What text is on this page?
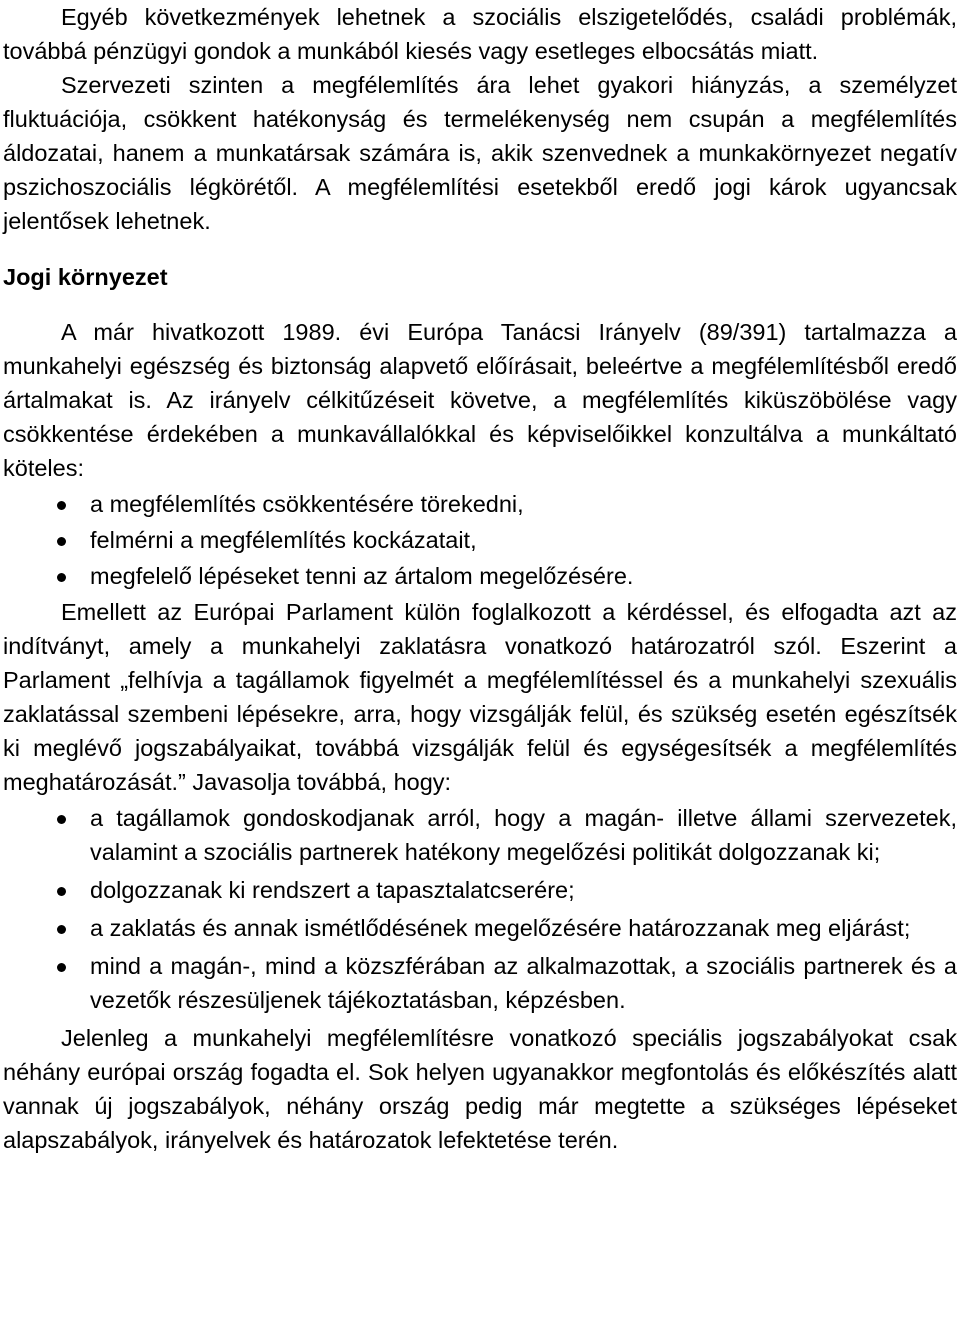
Egyéb következmények lehetnek a szociális elszigetelődés, családi problémák, továbbá pénzügyi gondok a munkából kiesés vagy esetleges elbocsátás miatt.

Szervezeti szinten a megfélemlítés ára lehet gyakori hiányzás, a személyzet fluktuációja, csökkent hatékonyság és termelékenység nem csupán a megfélemlítés áldozatai, hanem a munkatársak számára is, akik szenvednek a munkakörnyezet negatív pszichoszociális légkörétől. A megfélemlítési esetekből eredő jogi károk ugyancsak jelentősek lehetnek.

Jogi környezet

A már hivatkozott 1989. évi Európa Tanácsi Irányelv (89/391) tartalmazza a munkahelyi egészség és biztonság alapvető előírásait, beleértve a megfélemlítésből eredő ártalmakat is. Az irányelv célkitűzéseit követve, a megfélemlítés kiküszöbölése vagy csökkentése érdekében a munkavállalókkal és képviselőikkel konzultálva a munkáltató köteles:

a megfélemlítés csökkentésére törekedni,
felmérni a megfélemlítés kockázatait,
megfelelő lépéseket tenni az ártalom megelőzésére.

Emellett az Európai Parlament külön foglalkozott a kérdéssel, és elfogadta azt az indítványt, amely a munkahelyi zaklatásra vonatkozó határozatról szól. Eszerint a Parlament „felhívja a tagállamok figyelmét a megfélemlítéssel és a munkahelyi szexuális zaklatással szembeni lépésekre, arra, hogy vizsgálják felül, és szükség esetén egészítsék ki meglévő jogszabályaikat, továbbá vizsgálják felül és egységesítsék a megfélemlítés meghatározását.” Javasolja továbbá, hogy:

a tagállamok gondoskodjanak arról, hogy a magán- illetve állami szervezetek, valamint a szociális partnerek hatékony megelőzési politikát dolgozzanak ki;
dolgozzanak ki rendszert a tapasztalatcserére;
a zaklatás és annak ismétlődésének megelőzésére határozzanak meg eljárást;
mind a magán-, mind a közszférában az alkalmazottak, a szociális partnerek és a vezetők részesüljenek tájékoztatásban, képzésben.

Jelenleg a munkahelyi megfélemlítésre vonatkozó speciális jogszabályokat csak néhány európai ország fogadta el. Sok helyen ugyanakkor megfontolás és előkészítés alatt vannak új jogszabályok, néhány ország pedig már megtette a szükséges lépéseket alapszabályok, irányelvek és határozatok lefektetése terén.
